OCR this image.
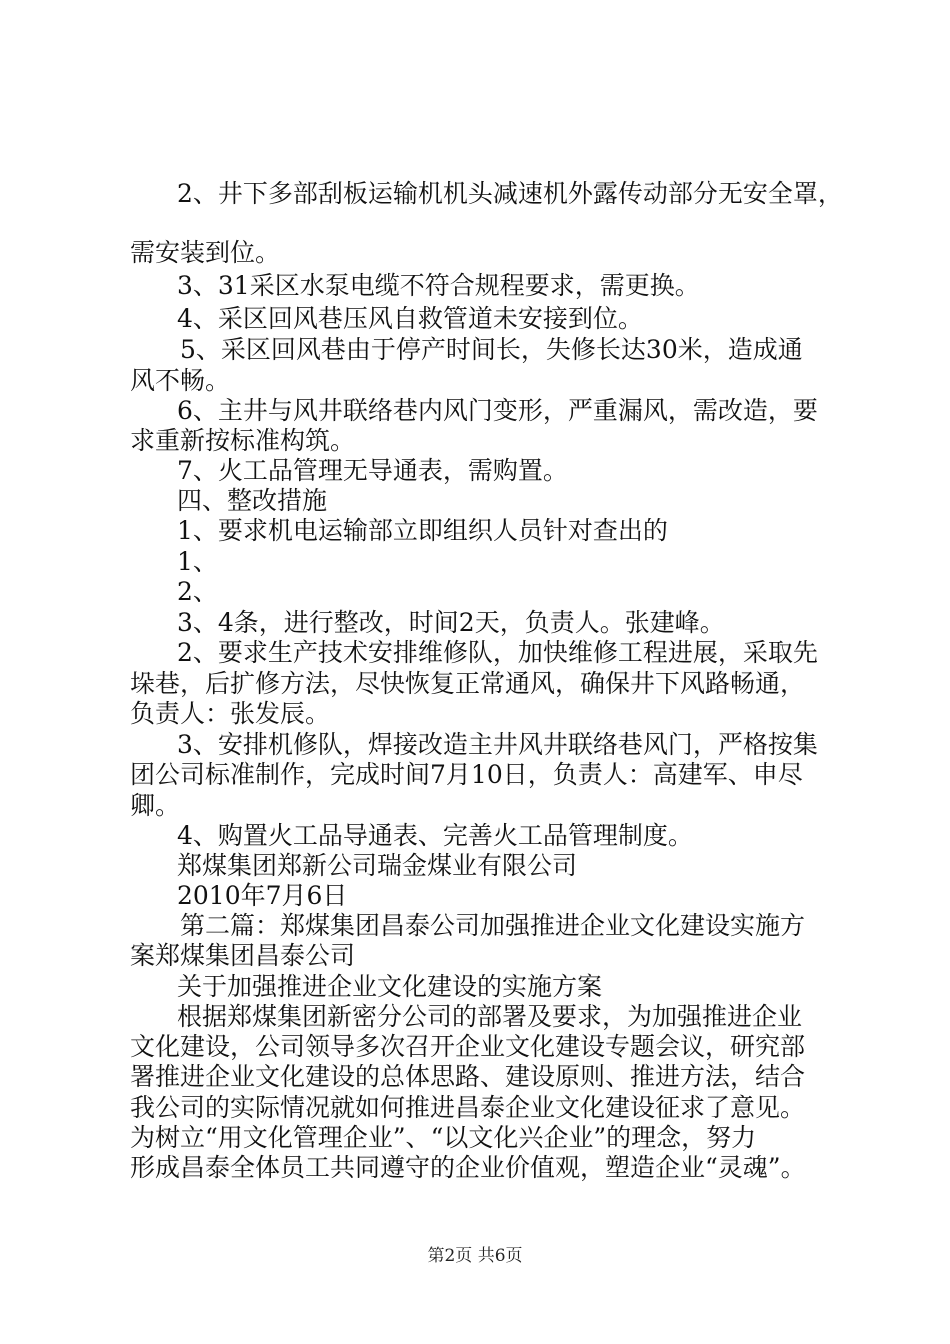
2、井下多部刮板运输机机头减速机外露传动部分无安全罩，
需安装到位。
3、31采区水泵电缆不符合规程要求，需更换。
4、采区回风巷压风自救管道未安接到位。
5、采区回风巷由于停产时间长，失修长达30米，造成通
风不畅。
6、主井与风井联络巷内风门变形，严重漏风，需改造，要
求重新按标准构筑。
7、火工品管理无导通表，需购置。
四、整改措施
1、要求机电运输部立即组织人员针对查出的
1、
2、
3、4条，进行整改，时间2天，负责人。张建峰。
2、要求生产技术安排维修队，加快维修工程进展，采取先
垛巷，后扩修方法，尽快恢复正常通风，确保井下风路畅通，
负责人：张发辰。
3、安排机修队，焊接改造主井风井联络巷风门，严格按集
团公司标准制作，完成时间7月10日，负责人：高建军、申尽
卿。
4、购置火工品导通表、完善火工品管理制度。
郑煤集团郑新公司瑞金煤业有限公司
2010年7月6日
第二篇：郑煤集团昌泰公司加强推进企业文化建设实施方
案郑煤集团昌泰公司
关于加强推进企业文化建设的实施方案
根据郑煤集团新密分公司的部署及要求，为加强推进企业
文化建设，公司领导多次召开企业文化建设专题会议，研究部
署推进企业文化建设的总体思路、建设原则、推进方法，结合
我公司的实际情况就如何推进昌泰企业文化建设征求了意见。
为树立“用文化管理企业”、“以文化兴企业”的理念，努力
形成昌泰全体员工共同遵守的企业价值观，塑造企业“灵魂”。
第2页 共6页
